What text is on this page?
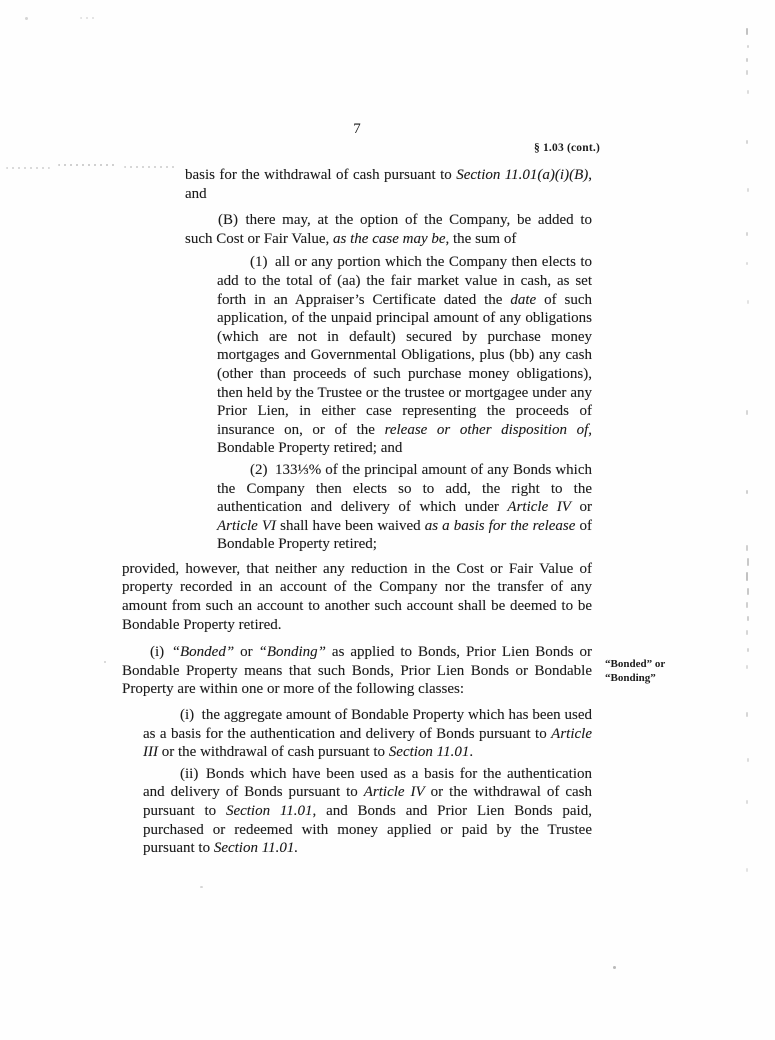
7
§ 1.03 (cont.)
basis for the withdrawal of cash pursuant to Section 11.01(a)(i)(B), and
(B) there may, at the option of the Company, be added to such Cost or Fair Value, as the case may be, the sum of
(1) all or any portion which the Company then elects to add to the total of (aa) the fair market value in cash, as set forth in an Appraiser’s Certificate dated the date of such application, of the unpaid principal amount of any obligations (which are not in default) secured by purchase money mortgages and Governmental Obligations, plus (bb) any cash (other than proceeds of such purchase money obligations), then held by the Trustee or the trustee or mortgagee under any Prior Lien, in either case representing the proceeds of insurance on, or of the release or other disposition of, Bondable Property retired; and
(2) 133⅓% of the principal amount of any Bonds which the Company then elects so to add, the right to the authentication and delivery of which under Article IV or Article VI shall have been waived as a basis for the release of Bondable Property retired;
provided, however, that neither any reduction in the Cost or Fair Value of property recorded in an account of the Company nor the transfer of any amount from such an account to another such account shall be deemed to be Bondable Property retired.
(i) “Bonded” or “Bonding” as applied to Bonds, Prior Lien Bonds or Bondable Property means that such Bonds, Prior Lien Bonds or Bondable Property are within one or more of the following classes:
(i) the aggregate amount of Bondable Property which has been used as a basis for the authentication and delivery of Bonds pursuant to Article III or the withdrawal of cash pursuant to Section 11.01.
(ii) Bonds which have been used as a basis for the authentication and delivery of Bonds pursuant to Article IV or the withdrawal of cash pursuant to Section 11.01, and Bonds and Prior Lien Bonds paid, purchased or redeemed with money applied or paid by the Trustee pursuant to Section 11.01.
“Bonded” or
“Bonding”
